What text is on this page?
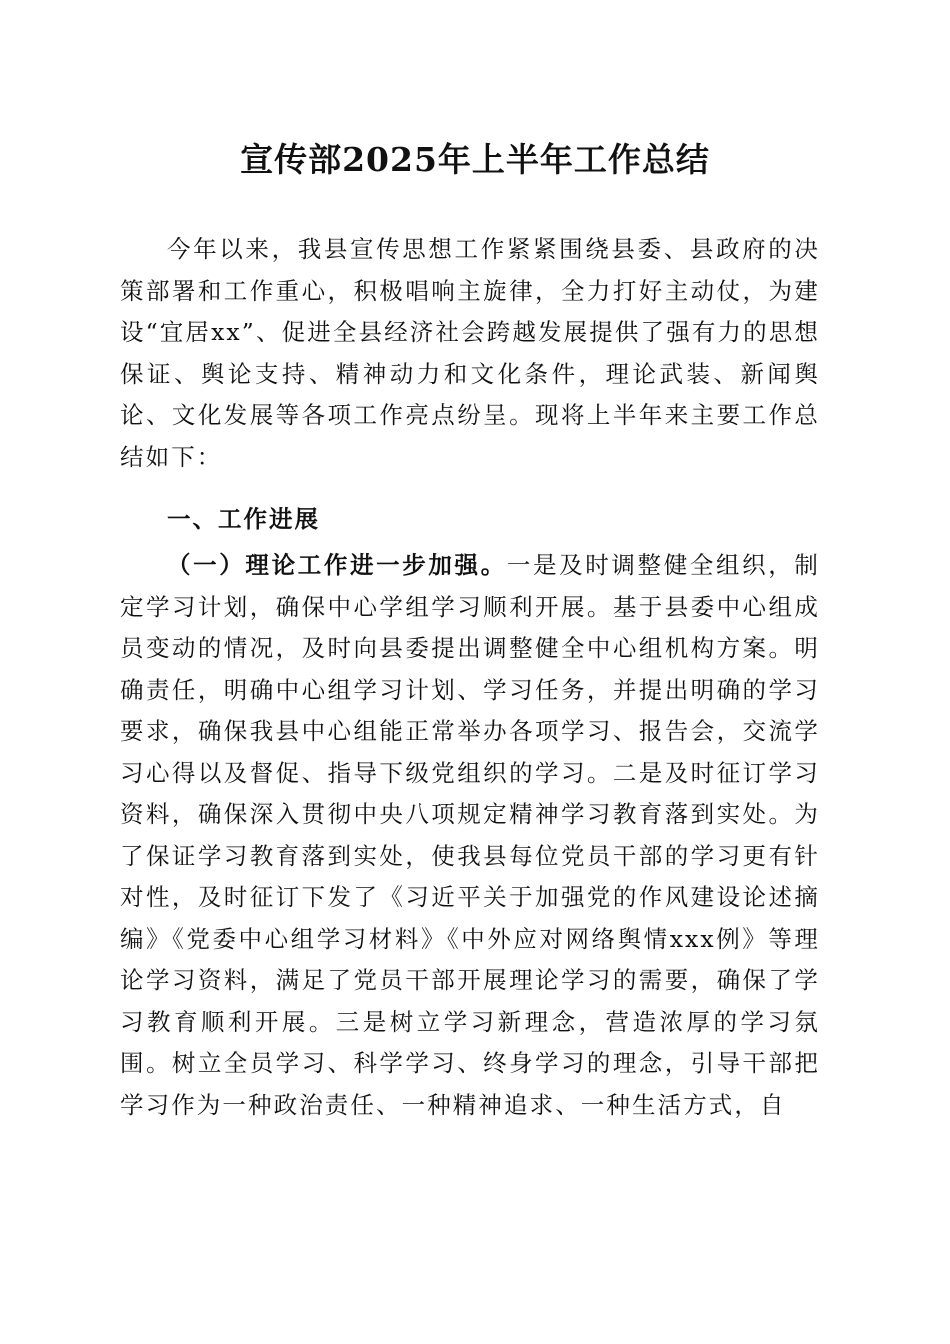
宣传部2025年上半年工作总结

今年以来，我县宣传思想工作紧紧围绕县委、县政府的决策部署和工作重心，积极唱响主旋律，全力打好主动仗，为建设“宜居xx”、促进全县经济社会跨越发展提供了强有力的思想保证、舆论支持、精神动力和文化条件，理论武装、新闻舆论、文化发展等各项工作亮点纷呈。现将上半年来主要工作总结如下：

一、工作进展

（一）理论工作进一步加强。一是及时调整健全组织，制定学习计划，确保中心学组学习顺利开展。基于县委中心组成员变动的情况，及时向县委提出调整健全中心组机构方案。明确责任，明确中心组学习计划、学习任务，并提出明确的学习要求，确保我县中心组能正常举办各项学习、报告会，交流学习心得以及督促、指导下级党组织的学习。二是及时征订学习资料，确保深入贯彻中央八项规定精神学习教育落到实处。为了保证学习教育落到实处，使我县每位党员干部的学习更有针对性，及时征订下发了《习近平关于加强党的作风建设论述摘编》《党委中心组学习材料》《中外应对网络舆情xxx例》等理论学习资料，满足了党员干部开展理论学习的需要，确保了学习教育顺利开展。三是树立学习新理念，营造浓厚的学习氛围。树立全员学习、科学学习、终身学习的理念，引导干部把学习作为一种政治责任、一种精神追求、一种生活方式，自
